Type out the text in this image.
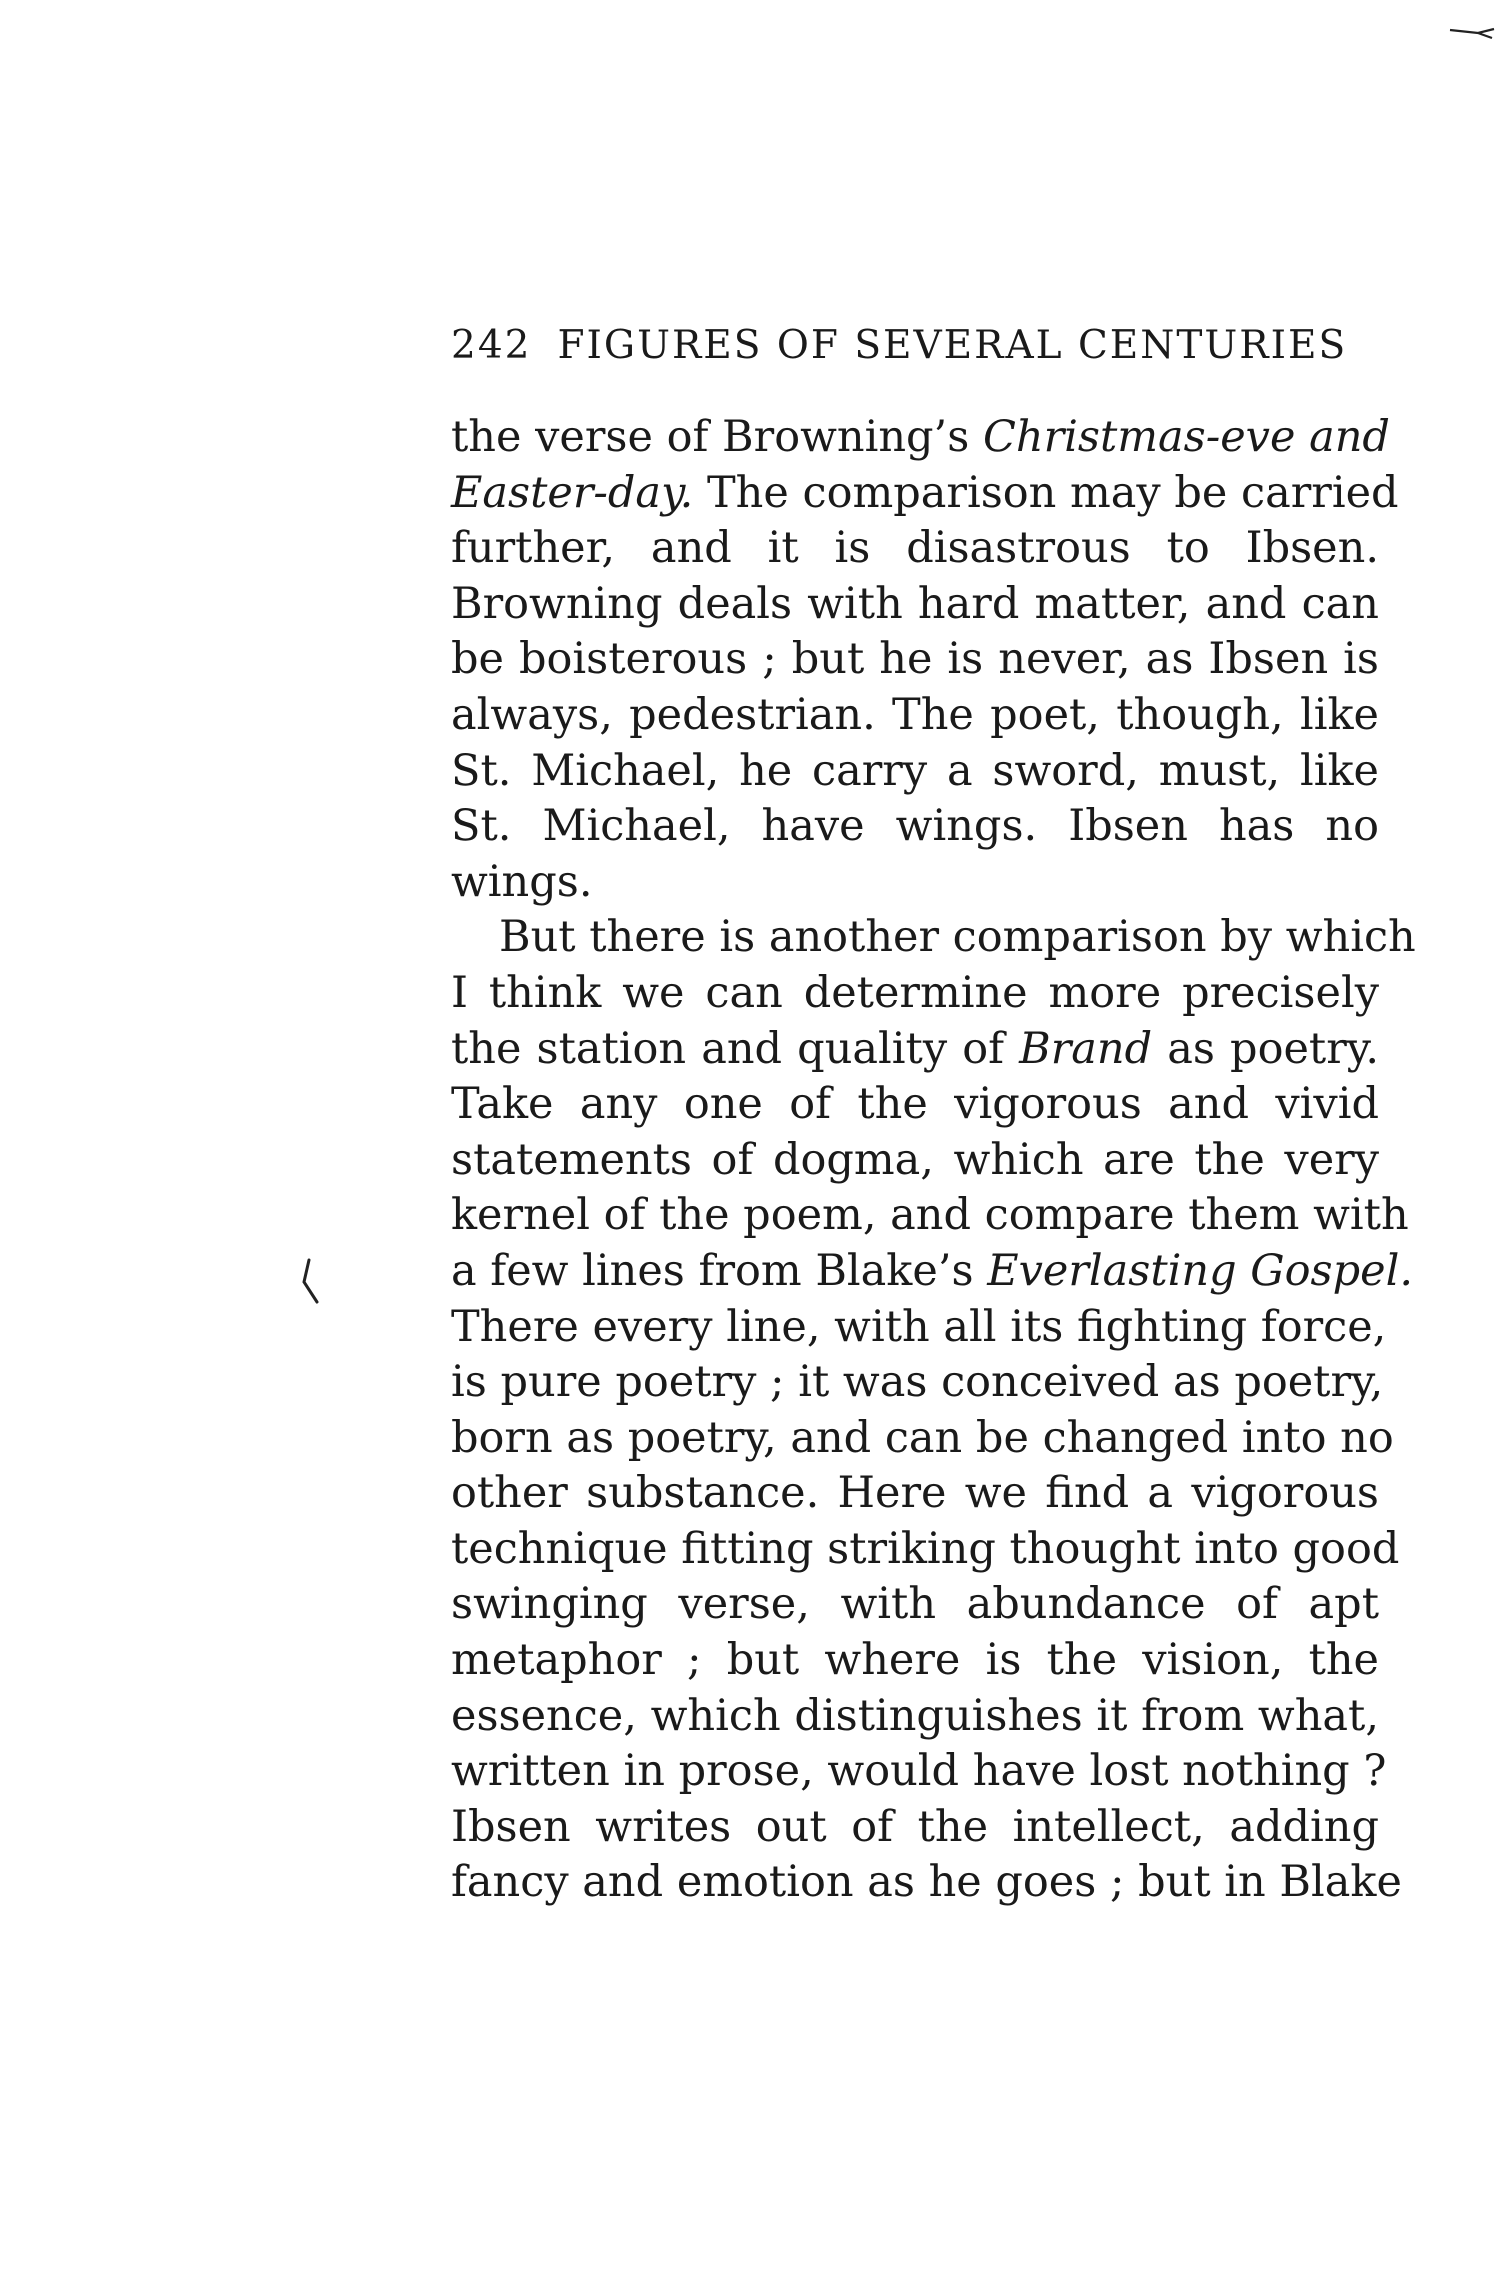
242 FIGURES OF SEVERAL CENTURIES
the verse of Browning’s Christmas-eve and
Easter-day. The comparison may be carried
further, and it is disastrous to Ibsen.
Browning deals with hard matter, and can
be boisterous ; but he is never, as Ibsen is
always, pedestrian. The poet, though, like
St. Michael, he carry a sword, must, like
St. Michael, have wings. Ibsen has no
wings.
But there is another comparison by which
I think we can determine more precisely
the station and quality of Brand as poetry.
Take any one of the vigorous and vivid
statements of dogma, which are the very
kernel of the poem, and compare them with
a few lines from Blake’s Everlasting Gospel.
There every line, with all its fighting force,
is pure poetry ; it was conceived as poetry,
born as poetry, and can be changed into no
other substance. Here we find a vigorous
technique fitting striking thought into good
swinging verse, with abundance of apt
metaphor ; but where is the vision, the
essence, which distinguishes it from what,
written in prose, would have lost nothing ?
Ibsen writes out of the intellect, adding
fancy and emotion as he goes ; but in Blake
